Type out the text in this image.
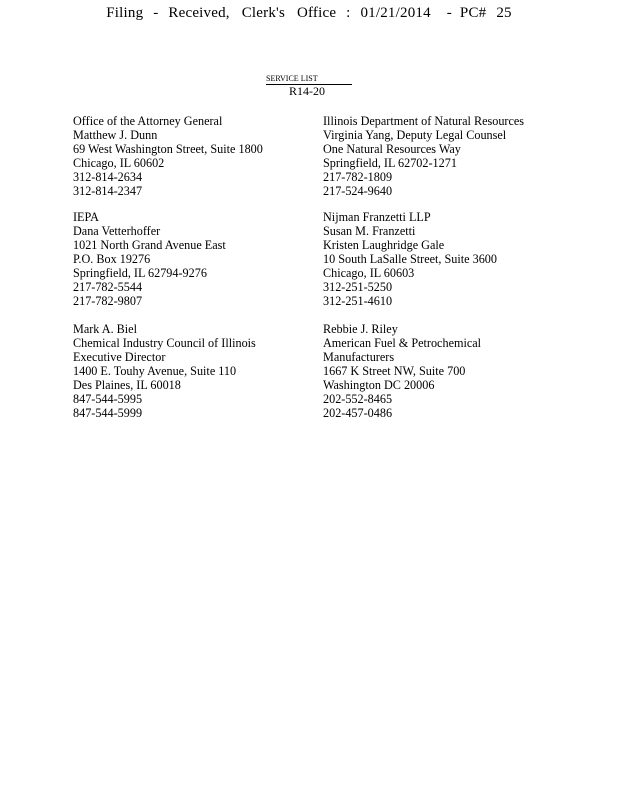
Filing - Received, Clerk's Office : 01/21/2014 - PC# 25
SERVICE LIST
R14-20
Office of the Attorney General
Matthew J. Dunn
69 West Washington Street, Suite 1800
Chicago, IL 60602
312-814-2634
312-814-2347
Illinois Department of Natural Resources
Virginia Yang, Deputy Legal Counsel
One Natural Resources Way
Springfield, IL 62702-1271
217-782-1809
217-524-9640
IEPA
Dana Vetterhoffer
1021 North Grand Avenue East
P.O. Box 19276
Springfield, IL 62794-9276
217-782-5544
217-782-9807
Nijman Franzetti LLP
Susan M. Franzetti
Kristen Laughridge Gale
10 South LaSalle Street, Suite 3600
Chicago, IL 60603
312-251-5250
312-251-4610
Mark A. Biel
Chemical Industry Council of Illinois
Executive Director
1400 E. Touhy Avenue, Suite 110
Des Plaines, IL 60018
847-544-5995
847-544-5999
Rebbie J. Riley
American Fuel & Petrochemical
Manufacturers
1667 K Street NW, Suite 700
Washington DC 20006
202-552-8465
202-457-0486
